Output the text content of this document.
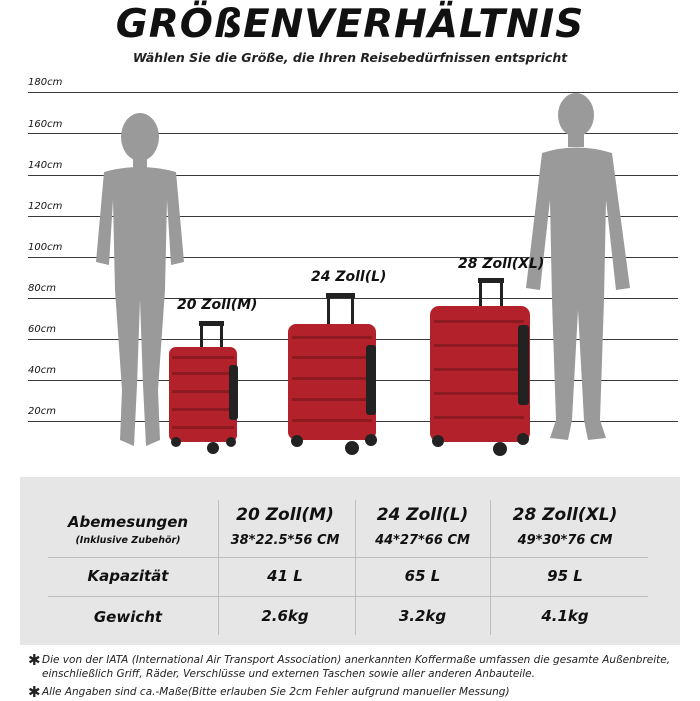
GRÖßENVERHÄLTNIS
Wählen Sie die Größe, die Ihren Reisebedürfnissen entspricht
180cm
160cm
140cm
120cm
100cm
80cm
60cm
40cm
20cm
20 Zoll(M)
24 Zoll(L)
28 Zoll(XL)
Abemesungen
(Inklusive Zubehör)
Kapazität
Gewicht
20 Zoll(M)
38*22.5*56 CM
41 L
2.6kg
24 Zoll(L)
44*27*66 CM
65 L
3.2kg
28 Zoll(XL)
49*30*76 CM
95 L
4.1kg
✱ Die von der IATA (International Air Transport Association) anerkannten Koffermaße umfassen die gesamte Außenbreite, einschließlich Griff, Räder, Verschlüsse und externen Taschen sowie aller anderen Anbauteile.
✱ Alle Angaben sind ca.-Maße(Bitte erlauben Sie 2cm Fehler aufgrund manueller Messung)
